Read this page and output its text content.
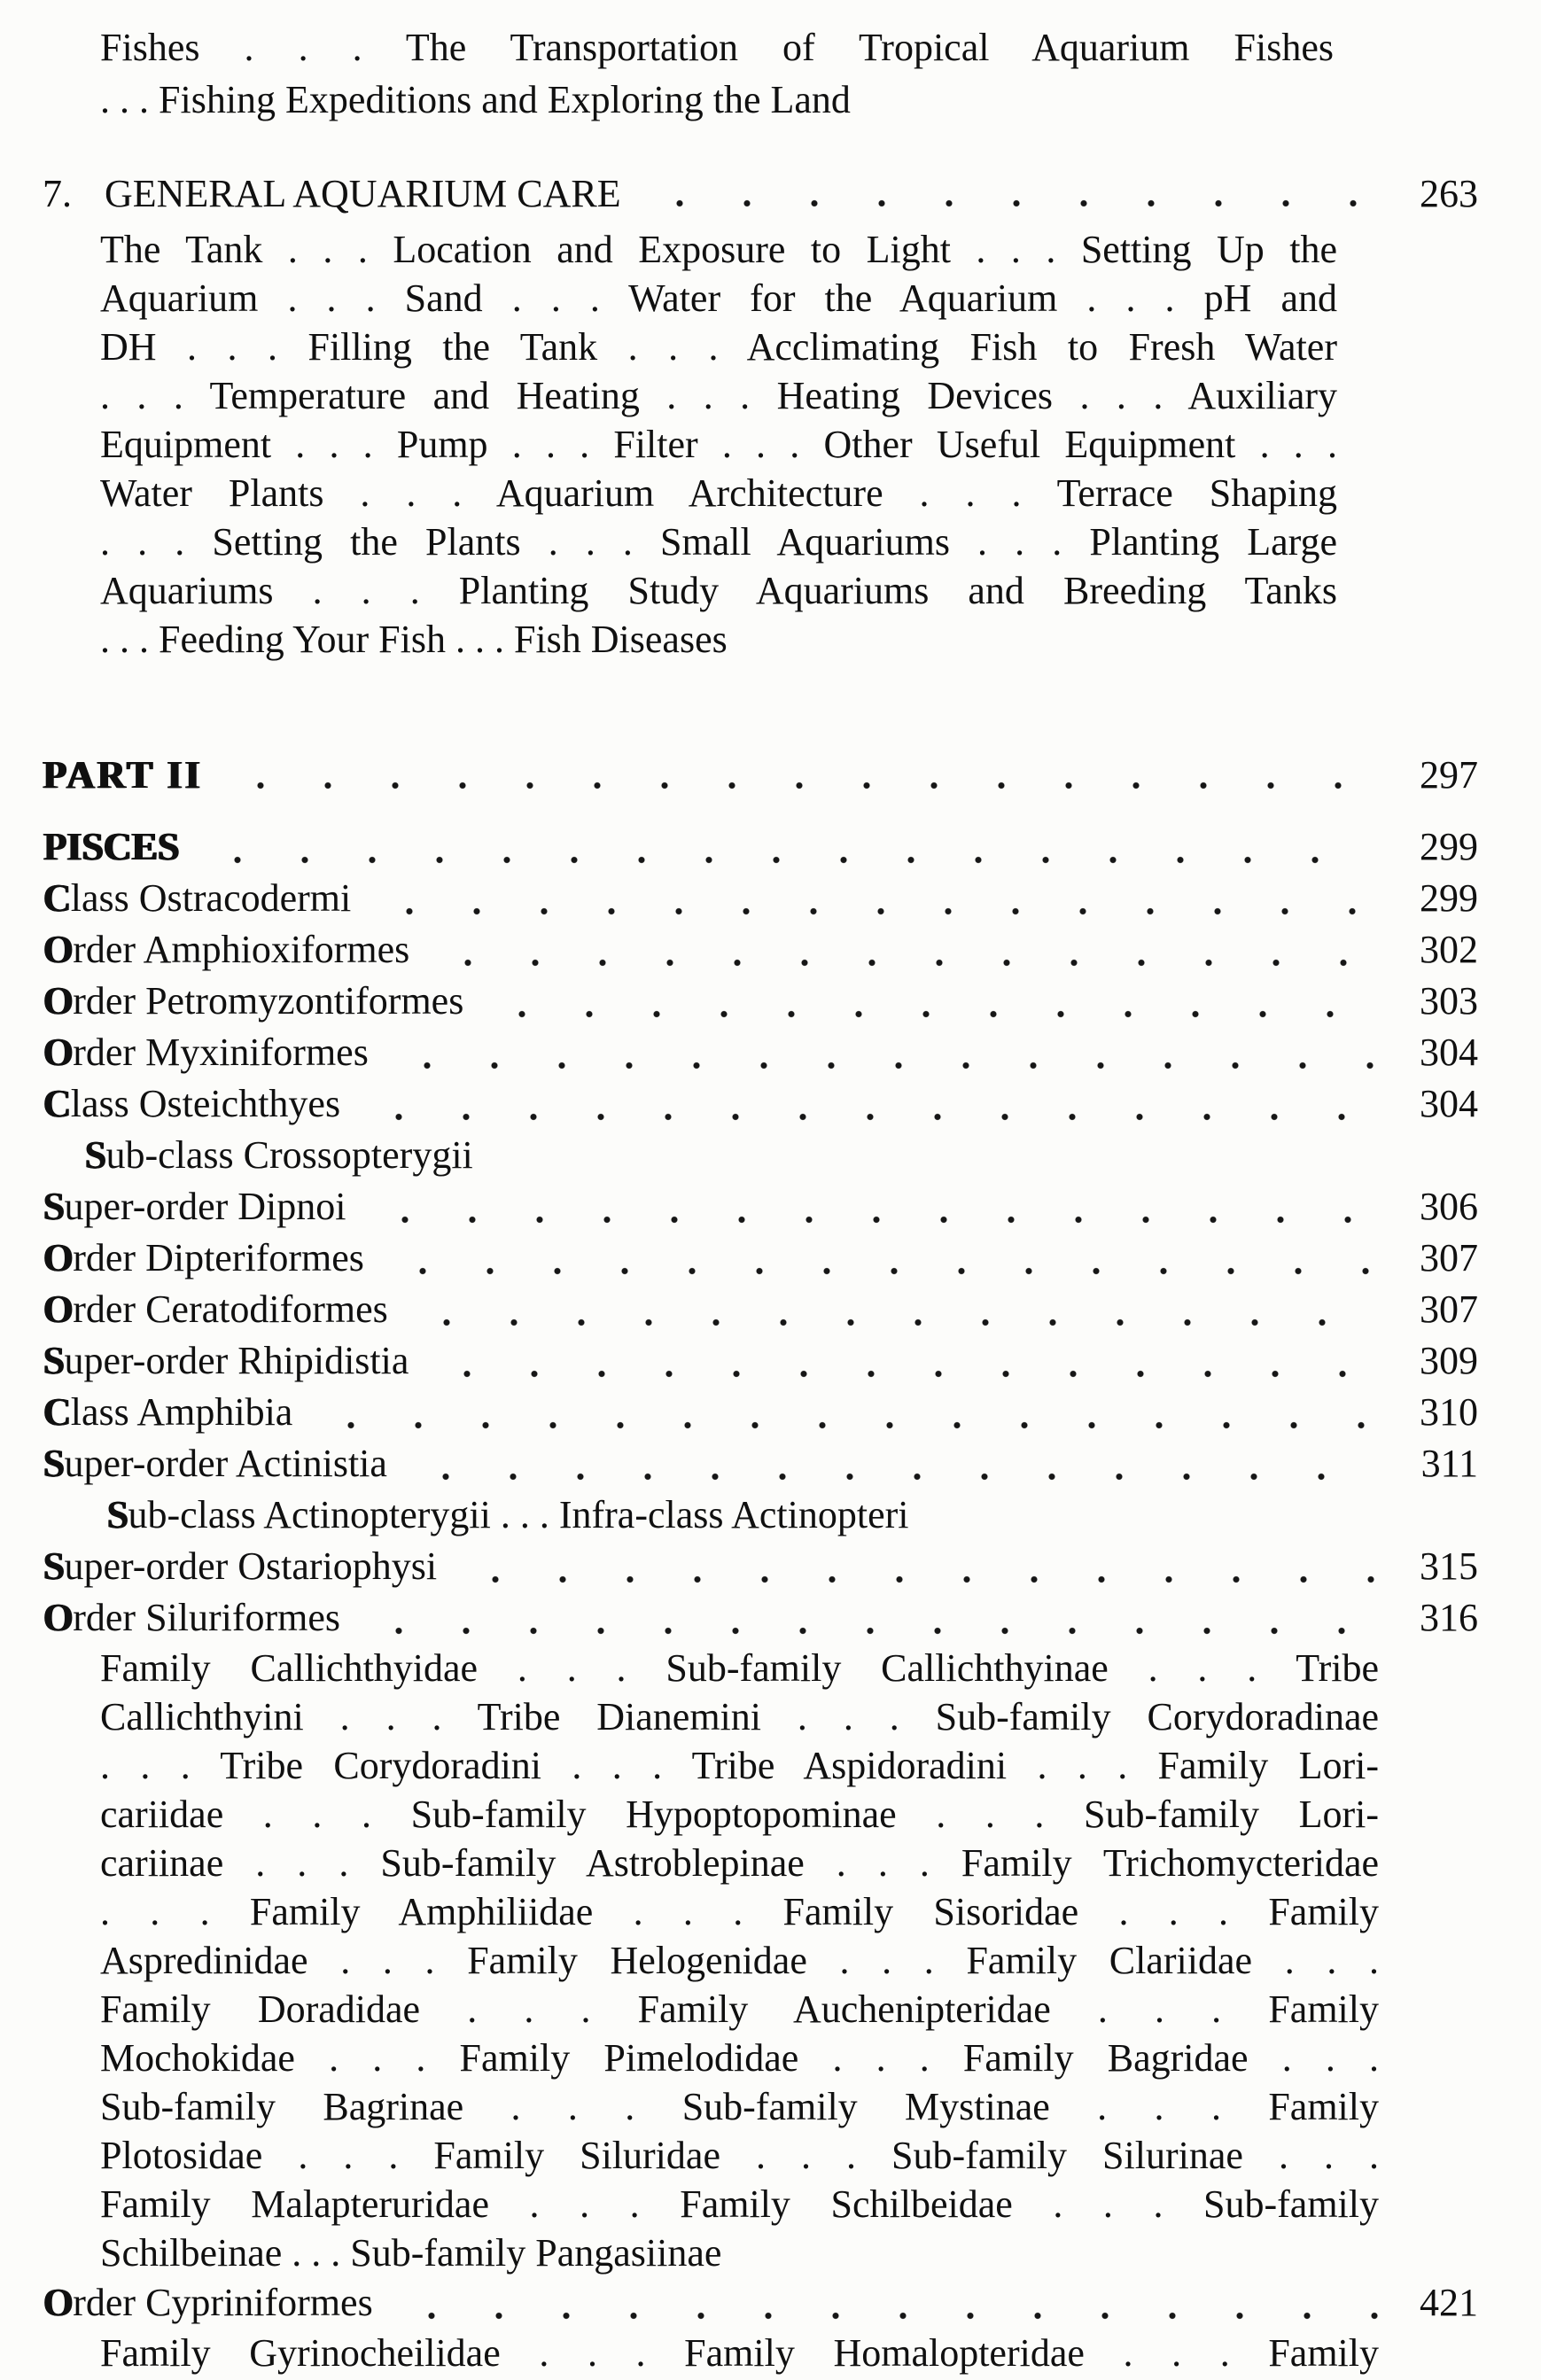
Fishes . . . The Transportation of Tropical Aquarium Fishes
. . . Fishing Expeditions and Exploring the Land
7. GENERAL AQUARIUM CARE	263
The Tank . . . Location and Exposure to Light . . . Setting Up the
Aquarium . . . Sand . . . Water for the Aquarium . . . pH and
DH . . . Filling the Tank . . . Acclimating Fish to Fresh Water
. . . Temperature and Heating . . . Heating Devices . . . Auxiliary
Equipment . . . Pump . . . Filter . . . Other Useful Equipment . . .
Water Plants . . . Aquarium Architecture . . . Terrace Shaping
. . . Setting the Plants . . . Small Aquariums . . . Planting Large
Aquariums . . . Planting Study Aquariums and Breeding Tanks
. . . Feeding Your Fish . . . Fish Diseases
PART II	297
PISCES	299
Class Ostracodermi	299
Order Amphioxiformes	302
Order Petromyzontiformes	303
Order Myxiniformes	304
Class Osteichthyes	304
Sub-class Crossopterygii
Super-order Dipnoi	306
Order Dipteriformes	307
Order Ceratodiformes	307
Super-order Rhipidistia	309
Class Amphibia	310
Super-order Actinistia	311
Sub-class Actinopterygii . . . Infra-class Actinopteri
Super-order Ostariophysi	315
Order Siluriformes	316
Family Callichthyidae . . . Sub-family Callichthyinae . . . Tribe
Callichthyini . . . Tribe Dianemini . . . Sub-family Corydoradinae
. . . Tribe Corydoradini . . . Tribe Aspidoradini . . . Family Lori-
cariidae . . . Sub-family Hypoptopominae . . . Sub-family Lori-
cariinae . . . Sub-family Astroblepinae . . . Family Trichomycteridae
. . . Family Amphiliidae . . . Family Sisoridae . . . Family
Aspredinidae . . . Family Helogenidae . . . Family Clariidae . . .
Family Doradidae . . . Family Auchenipteridae . . . Family
Mochokidae . . . Family Pimelodidae . . . Family Bagridae . . .
Sub-family Bagrinae . . . Sub-family Mystinae . . . Family
Plotosidae . . . Family Siluridae . . . Sub-family Silurinae . . .
Family Malapteruridae . . . Family Schilbeidae . . . Sub-family
Schilbeinae . . . Sub-family Pangasiinae
Order Cypriniformes	421
Family Gyrinocheilidae . . . Family Homalopteridae . . . Family
